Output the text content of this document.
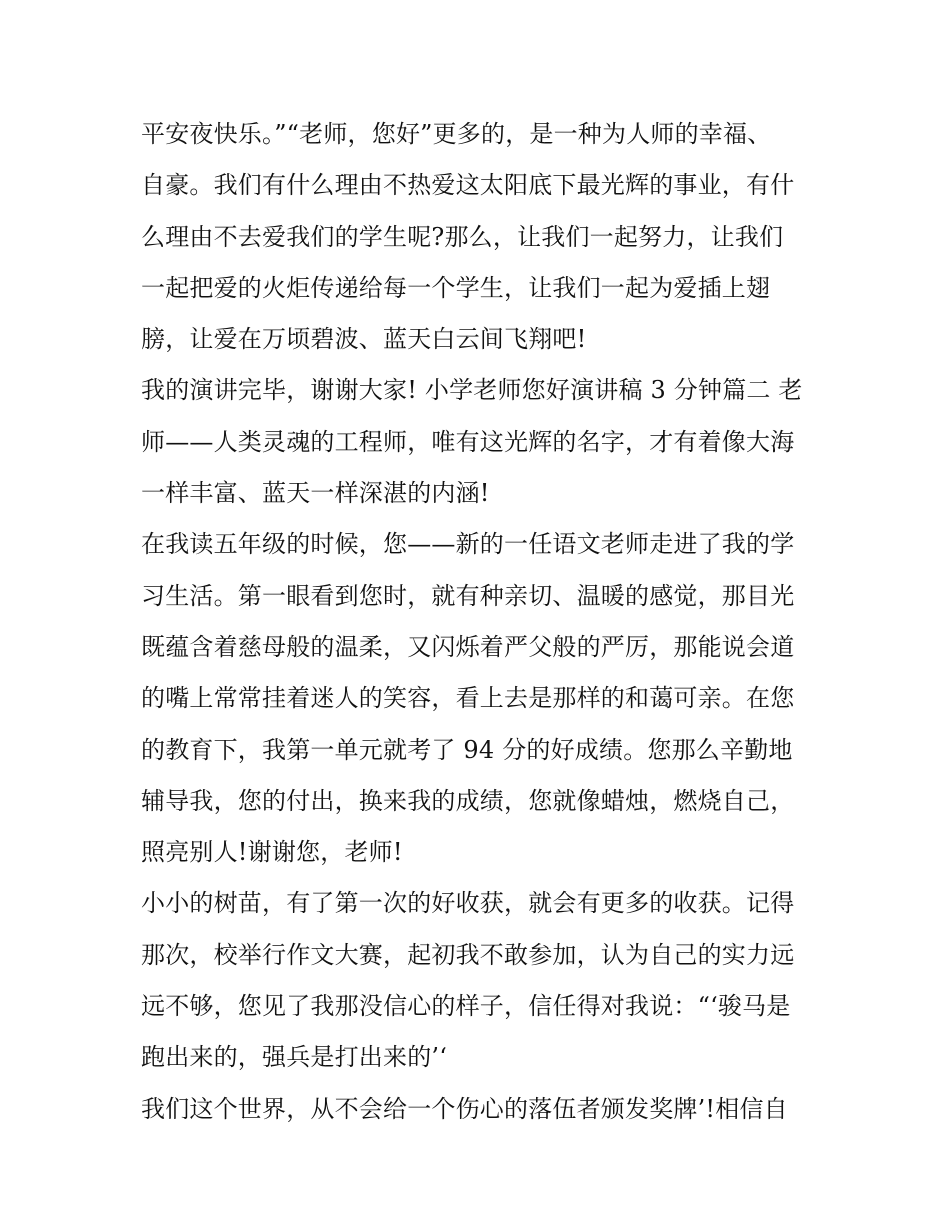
平安夜快乐。”“老师，您好”更多的，是一种为人师的幸福、
自豪。我们有什么理由不热爱这太阳底下最光辉的事业，有什
么理由不去爱我们的学生呢?那么，让我们一起努力，让我们
一起把爱的火炬传递给每一个学生，让我们一起为爱插上翅
膀，让爱在万顷碧波、蓝天白云间飞翔吧!
我的演讲完毕，谢谢大家! 小学老师您好演讲稿 3 分钟篇二 老
师——人类灵魂的工程师，唯有这光辉的名字，才有着像大海
一样丰富、蓝天一样深湛的内涵!
在我读五年级的时候，您——新的一任语文老师走进了我的学
习生活。第一眼看到您时，就有种亲切、温暖的感觉，那目光
既蕴含着慈母般的温柔，又闪烁着严父般的严厉，那能说会道
的嘴上常常挂着迷人的笑容，看上去是那样的和蔼可亲。在您
的教育下，我第一单元就考了 94 分的好成绩。您那么辛勤地
辅导我，您的付出，换来我的成绩，您就像蜡烛，燃烧自己，
照亮别人!谢谢您，老师!
小小的树苗，有了第一次的好收获，就会有更多的收获。记得
那次，校举行作文大赛，起初我不敢参加，认为自己的实力远
远不够，您见了我那没信心的样子，信任得对我说：“‘骏马是
跑出来的，强兵是打出来的’‘
我们这个世界，从不会给一个伤心的落伍者颁发奖牌’!相信自
